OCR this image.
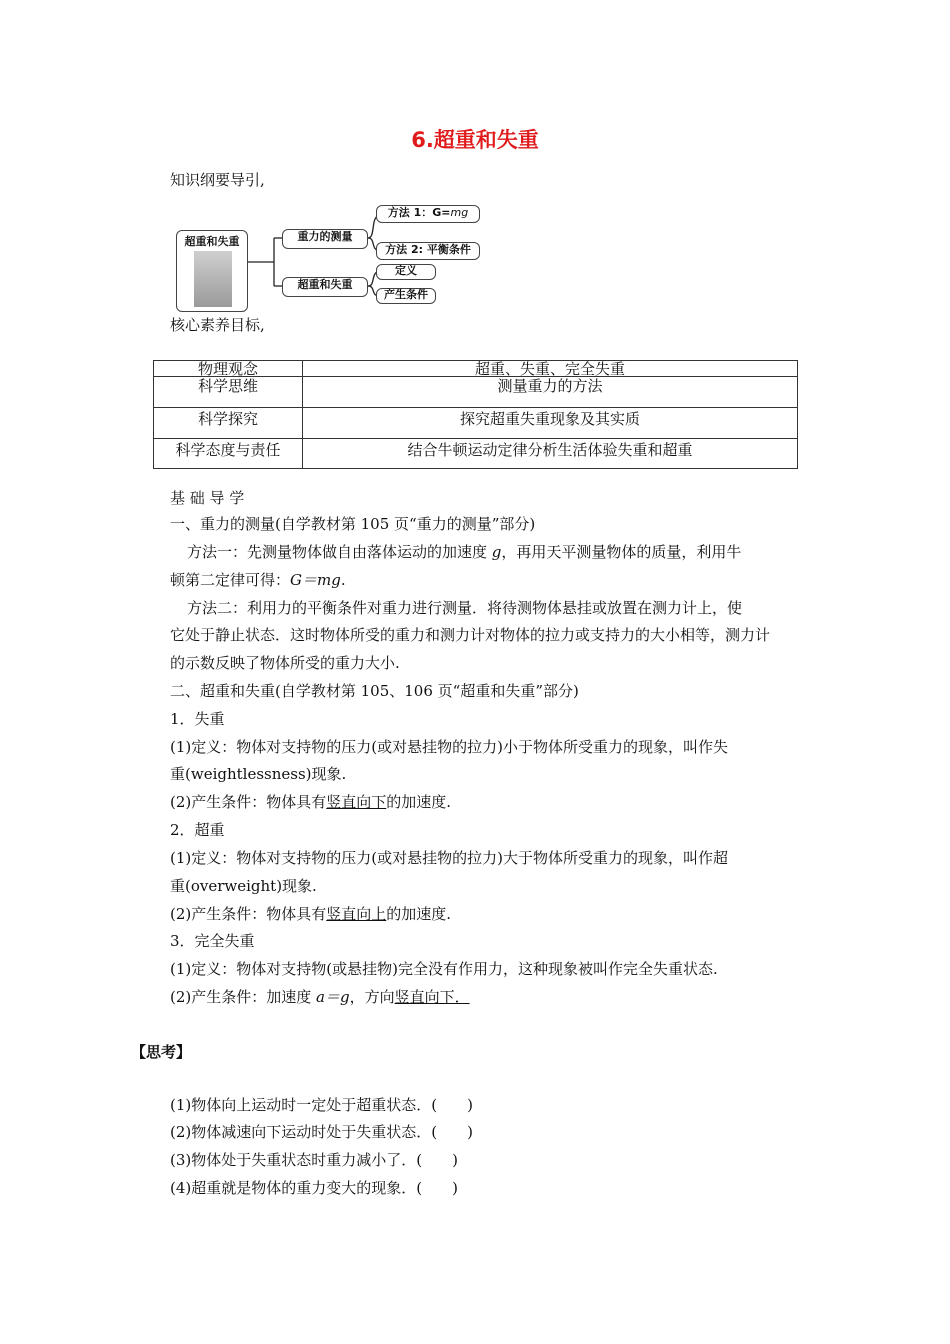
6.超重和失重
知识纲要导引,
超重和失重	重力的测量
方法 1：G=mg
方法 2: 平衡条件
超重和失重
定义
产生条件
核心素养目标,
物理观念	超重、失重、完全失重
科学思维	测量重力的方法
科学探究	探究超重失重现象及其实质
科学态度与责任	结合牛顿运动定律分析生活体验失重和超重
基 础 导 学
一、重力的测量(自学教材第 105 页“重力的测量”部分)
方法一：先测量物体做自由落体运动的加速度 g，再用天平测量物体的质量，利用牛
顿第二定律可得：G＝mg.
方法二：利用力的平衡条件对重力进行测量．将待测物体悬挂或放置在测力计上，使
它处于静止状态．这时物体所受的重力和测力计对物体的拉力或支持力的大小相等，测力计
的示数反映了物体所受的重力大小.
二、超重和失重(自学教材第 105、106 页“超重和失重”部分)
1．失重
(1)定义：物体对支持物的压力(或对悬挂物的拉力)小于物体所受重力的现象，叫作失
重(weightlessness)现象.
(2)产生条件：物体具有竖直向下的加速度.
2．超重
(1)定义：物体对支持物的压力(或对悬挂物的拉力)大于物体所受重力的现象，叫作超
重(overweight)现象.
(2)产生条件：物体具有竖直向上的加速度.
3．完全失重
(1)定义：物体对支持物(或悬挂物)完全没有作用力，这种现象被叫作完全失重状态.
(2)产生条件：加速度 a＝g，方向竖直向下．
【思考】
(1)物体向上运动时一定处于超重状态．(　　)
(2)物体减速向下运动时处于失重状态．(　　)
(3)物体处于失重状态时重力减小了．(　　)
(4)超重就是物体的重力变大的现象．(　　)
